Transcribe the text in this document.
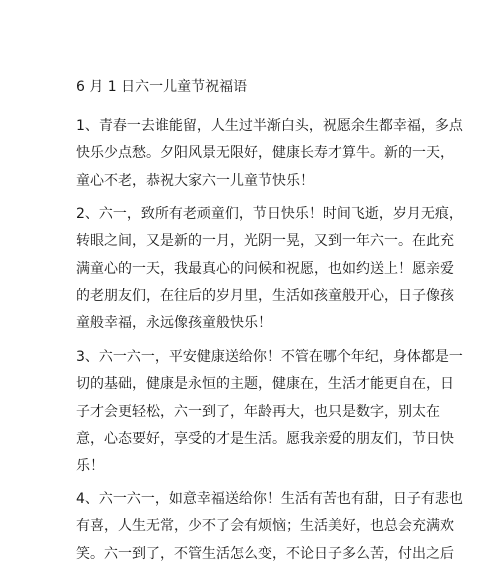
6 月 1 日六一儿童节祝福语
1、青春一去谁能留，人生过半渐白头，祝愿余生都幸福，多点
快乐少点愁。夕阳风景无限好，健康长寿才算牛。新的一天，
童心不老，恭祝大家六一儿童节快乐！
2、六一，致所有老顽童们，节日快乐！时间飞逝，岁月无痕，
转眼之间，又是新的一月，光阴一晃，又到一年六一。在此充
满童心的一天，我最真心的问候和祝愿，也如约送上！愿亲爱
的老朋友们，在往后的岁月里，生活如孩童般开心，日子像孩
童般幸福，永远像孩童般快乐！
3、六一六一，平安健康送给你！不管在哪个年纪，身体都是一
切的基础，健康是永恒的主题，健康在，生活才能更自在，日
子才会更轻松，六一到了，年龄再大，也只是数字，别太在
意，心态要好，享受的才是生活。愿我亲爱的朋友们，节日快
乐！
4、六一六一，如意幸福送给你！生活有苦也有甜，日子有悲也
有喜，人生无常，少不了会有烦恼；生活美好，也总会充满欢
笑。六一到了，不管生活怎么变，不论日子多么苦，付出之后
